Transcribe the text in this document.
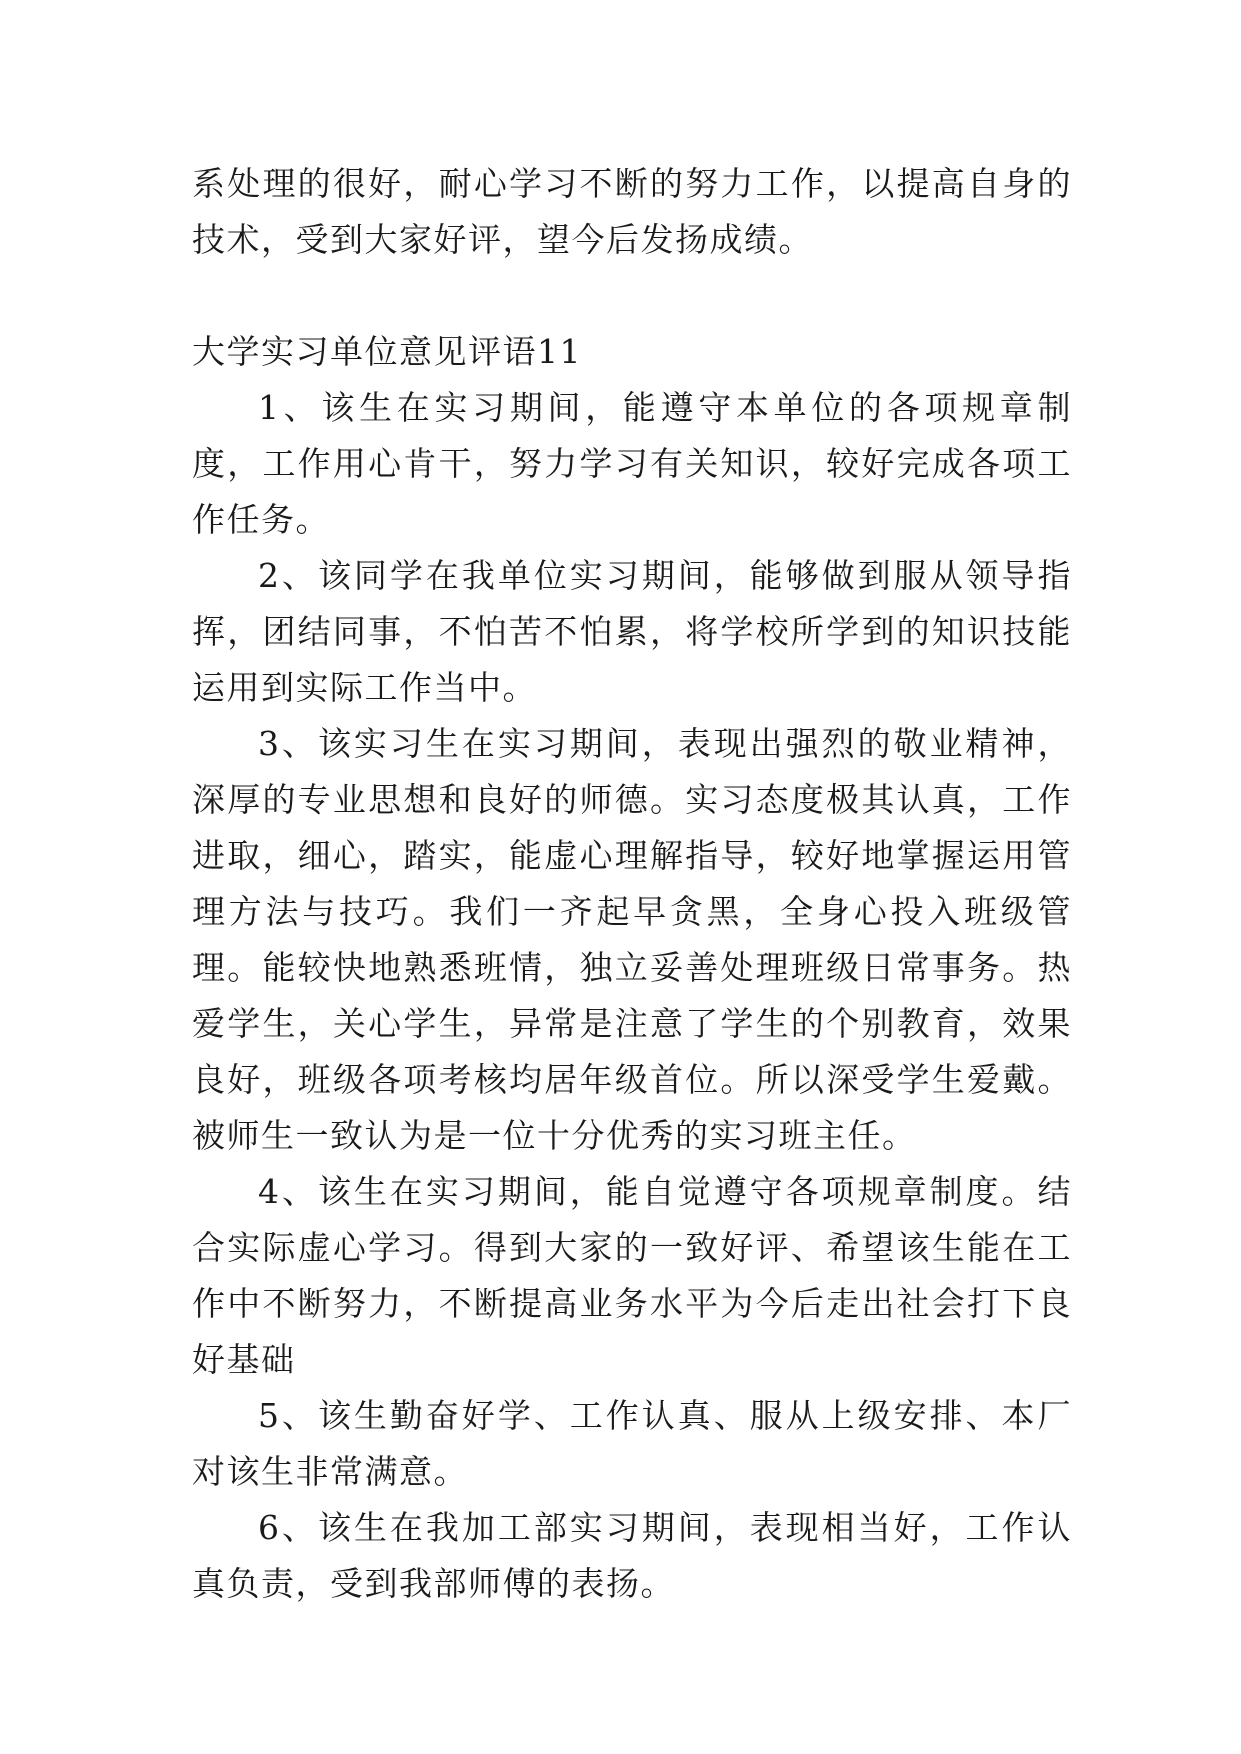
系处理的很好，耐心学习不断的努力工作，以提高自身的技术，受到大家好评，望今后发扬成绩。

大学实习单位意见评语11
1、该生在实习期间，能遵守本单位的各项规章制度，工作用心肯干，努力学习有关知识，较好完成各项工作任务。
2、该同学在我单位实习期间，能够做到服从领导指挥，团结同事，不怕苦不怕累，将学校所学到的知识技能运用到实际工作当中。
3、该实习生在实习期间，表现出强烈的敬业精神，深厚的专业思想和良好的师德。实习态度极其认真，工作进取，细心，踏实，能虚心理解指导，较好地掌握运用管理方法与技巧。我们一齐起早贪黑，全身心投入班级管理。能较快地熟悉班情，独立妥善处理班级日常事务。热爱学生，关心学生，异常是注意了学生的个别教育，效果良好，班级各项考核均居年级首位。所以深受学生爱戴。被师生一致认为是一位十分优秀的实习班主任。
4、该生在实习期间，能自觉遵守各项规章制度。结合实际虚心学习。得到大家的一致好评、希望该生能在工作中不断努力，不断提高业务水平为今后走出社会打下良好基础
5、该生勤奋好学、工作认真、服从上级安排、本厂对该生非常满意。
6、该生在我加工部实习期间，表现相当好，工作认真负责，受到我部师傅的表扬。
